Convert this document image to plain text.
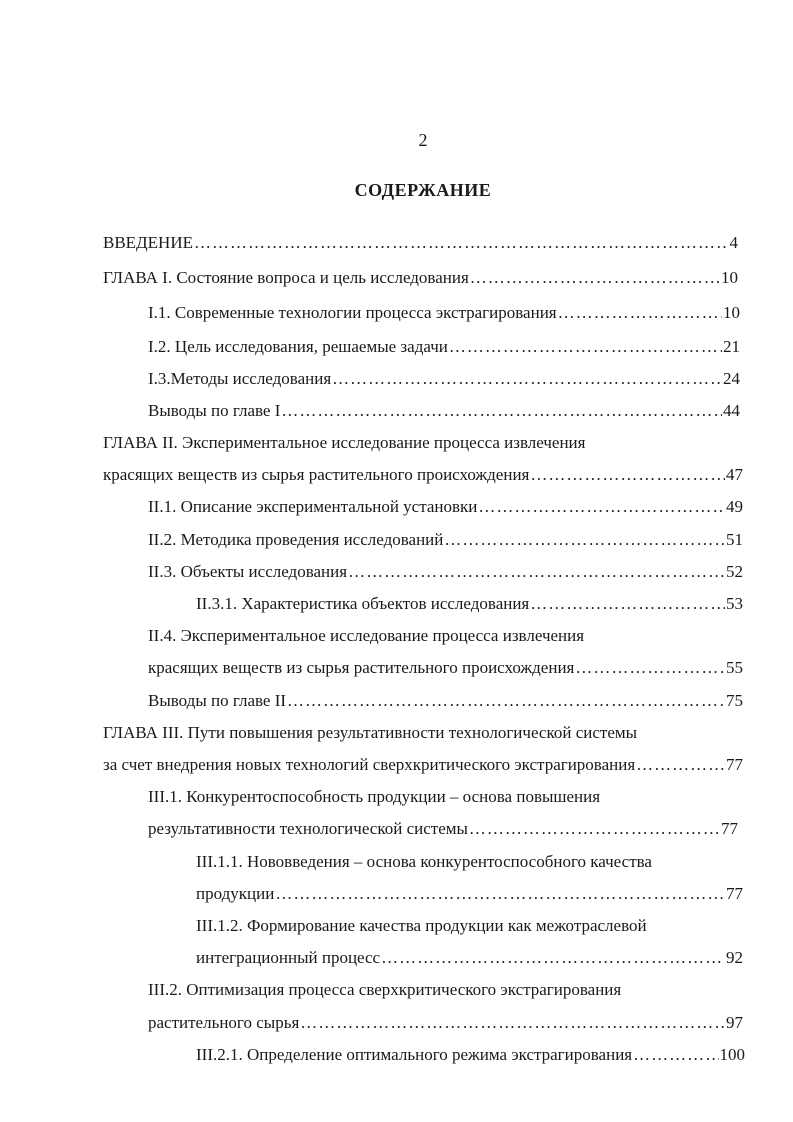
2
СОДЕРЖАНИЕ
ВВЕДЕНИЕ ………………………………………………………………………………………………………………………………………………………………………………	4
ГЛАВА I. Состояние вопроса и цель исследования ………………………………………………………………………………………………………………………………………………………………………………	10
I.1. Современные технологии процесса экстрагирования ………………………………………………………………………………………………………………………………………………………………………………	10
I.2. Цель исследования, решаемые задачи ………………………………………………………………………………………………………………………………………………………………………………	21
I.3.Методы исследования ………………………………………………………………………………………………………………………………………………………………………………	24
Выводы по главе I ………………………………………………………………………………………………………………………………………………………………………………	44
ГЛАВА II. Экспериментальное исследование процесса извлечения
красящих веществ из сырья растительного происхождения ………………………………………………………………………………………………………………………………………………………………………………	47
II.1. Описание экспериментальной установки ………………………………………………………………………………………………………………………………………………………………………………	49
II.2. Методика проведения исследований ………………………………………………………………………………………………………………………………………………………………………………	51
II.3. Объекты исследования ………………………………………………………………………………………………………………………………………………………………………………	52
II.3.1. Характеристика объектов исследования ………………………………………………………………………………………………………………………………………………………………………………	53
II.4. Экспериментальное исследование процесса извлечения
красящих веществ из сырья растительного происхождения ………………………………………………………………………………………………………………………………………………………………………………	55
Выводы по главе II ………………………………………………………………………………………………………………………………………………………………………………	75
ГЛАВА III. Пути повышения результативности технологической системы
за счет внедрения новых технологий сверхкритического экстрагирования ………………………………………………………………………………………………………………………………………………………………………………	77
III.1. Конкурентоспособность продукции – основа повышения
результативности технологической системы ………………………………………………………………………………………………………………………………………………………………………………	77
III.1.1. Нововведения – основа конкурентоспособного качества
продукции ………………………………………………………………………………………………………………………………………………………………………………	77
III.1.2. Формирование качества продукции как межотраслевой
интеграционный процесс ………………………………………………………………………………………………………………………………………………………………………………	92
III.2. Оптимизация процесса сверхкритического экстрагирования
растительного сырья ………………………………………………………………………………………………………………………………………………………………………………	97
III.2.1. Определение оптимального режима экстрагирования ………………………………………………………………………………………………………………………………………………………………………………	100
